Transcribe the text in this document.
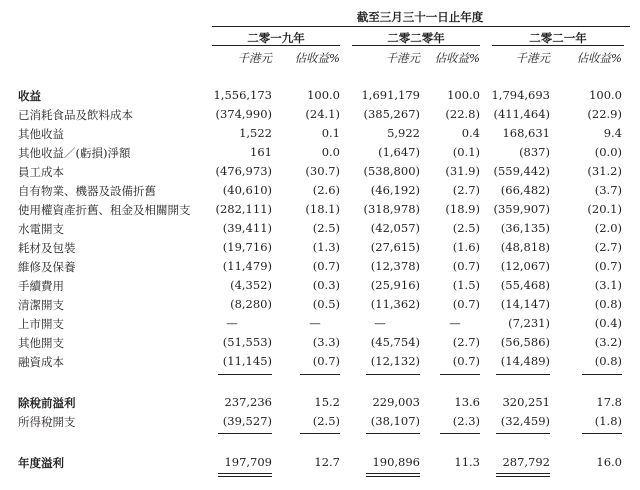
截至三月三十一日止年度
二零一九年	二零二零年	二零二一年
千港元	佔收益%	千港元	佔收益%	千港元	佔收益%
收益	1,556,173	100.0	1,691,179	100.0 1,794,693	100.0
已消耗食品及飲料成本	(374,990)	(24.1)	(385,267)	(22.8)	(411,464)	(22.9)
其他收益	1,522	0.1	5,922	0.4	168,631	9.4
其他收益／(虧損)淨額	161	0.0	(1,647)	(0.1)	(837)	(0.0)
員工成本	(476,973)	(30.7)	(538,800)	(31.9)	(559,442)	(31.2)
自有物業、機器及設備折舊	(40,610)	(2.6)	(46,192)	(2.7)	(66,482)	(3.7)
使用權資產折舊、租金及相關開支	(282,111)	(18.1)	(318,978)	(18.9)	(359,907)	(20.1)
水電開支	(39,411)	(2.5)	(42,057)	(2.5)	(36,135)	(2.0)
耗材及包裝	(19,716)	(1.3)	(27,615)	(1.6)	(48,818)	(2.7)
維修及保養	(11,479)	(0.7)	(12,378)	(0.7)	(12,067)	(0.7)
手續費用	(4,352)	(0.3)	(25,916)	(1.5)	(55,468)	(3.1)
清潔開支	(8,280)	(0.5)	(11,362)	(0.7)	(14,147)	(0.8)
上市開支	—	—	—	—	(7,231)	(0.4)
其他開支	(51,553)	(3.3)	(45,754)	(2.7)	(56,586)	(3.2)
融資成本	(11,145)	(0.7)	(12,132)	(0.7)	(14,489)	(0.8)
除稅前溢利	237,236	15.2	229,003	13.6	320,251	17.8
所得稅開支	(39,527)	(2.5)	(38,107)	(2.3)	(32,459)	(1.8)
年度溢利	197,709	12.7	190,896	11.3	287,792	16.0
